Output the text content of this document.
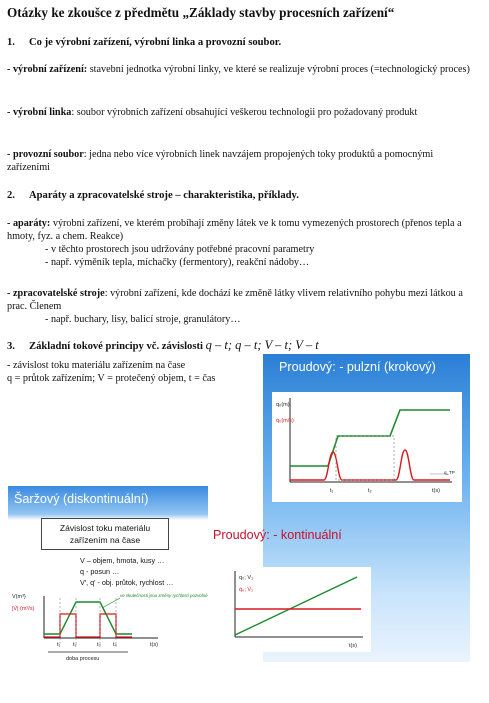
Otázky ke zkoušce z předmětu „Základy stavby procesních zařízení“
1. Co je výrobní zařízení, výrobní linka a provozní soubor.
- výrobní zařízení: stavební jednotka výrobní linky, ve které se realizuje výrobní proces (=technologický proces)
- výrobní linka: soubor výrobních zařízení obsahující veškerou technologii pro požadovaný produkt
- provozní soubor: jedna nebo více výrobních linek navzájem propojených toky produktů a pomocnými zařízeními
2. Aparáty a zpracovatelské stroje – charakteristika, příklady.
- aparáty: výrobní zařízení, ve kterém probíhají změny látek ve k tomu vymezených prostorech (přenos tepla a hmoty, fyz. a chem. Reakce)
- v těchto prostorech jsou udržovány potřebné pracovní parametry
- např. výměník tepla, míchačky (fermentory), reakční nádoby…
- zpracovatelské stroje: výrobní zařízení, kde dochází ke změně látky vlivem relativního pohybu mezi látkou a prac. Členem
- např. buchary, lisy, balicí stroje, granulátory…
3. Základní tokové principy vč. závislosti q – t; q – t; V – t; V – t
- závislost toku materiálu zařízením na čase
q = průtok zařízením; V = protečený objem, t = čas
Proudový: - pulzní (krokový)
q₀(m)
q̇₀(m/s)
t₁	t₂	t(s)
q_TP
Proudový: - kontinuální
q₀; V₁
q̇₀; V̇₁
t(s)
Šaržový (diskontinuální)
Závislost toku materiálu
zařízením na čase
V – objem, hmota, kusy …
q - posun …
V', q' - obj. průtok, rychlost …
V(m³)
|V̇| (m³/s)
ve skutečnosti jsou změny rychlostí pozvolné
t₁ t₂	t₃ t₄	t(s)
doba procesu
